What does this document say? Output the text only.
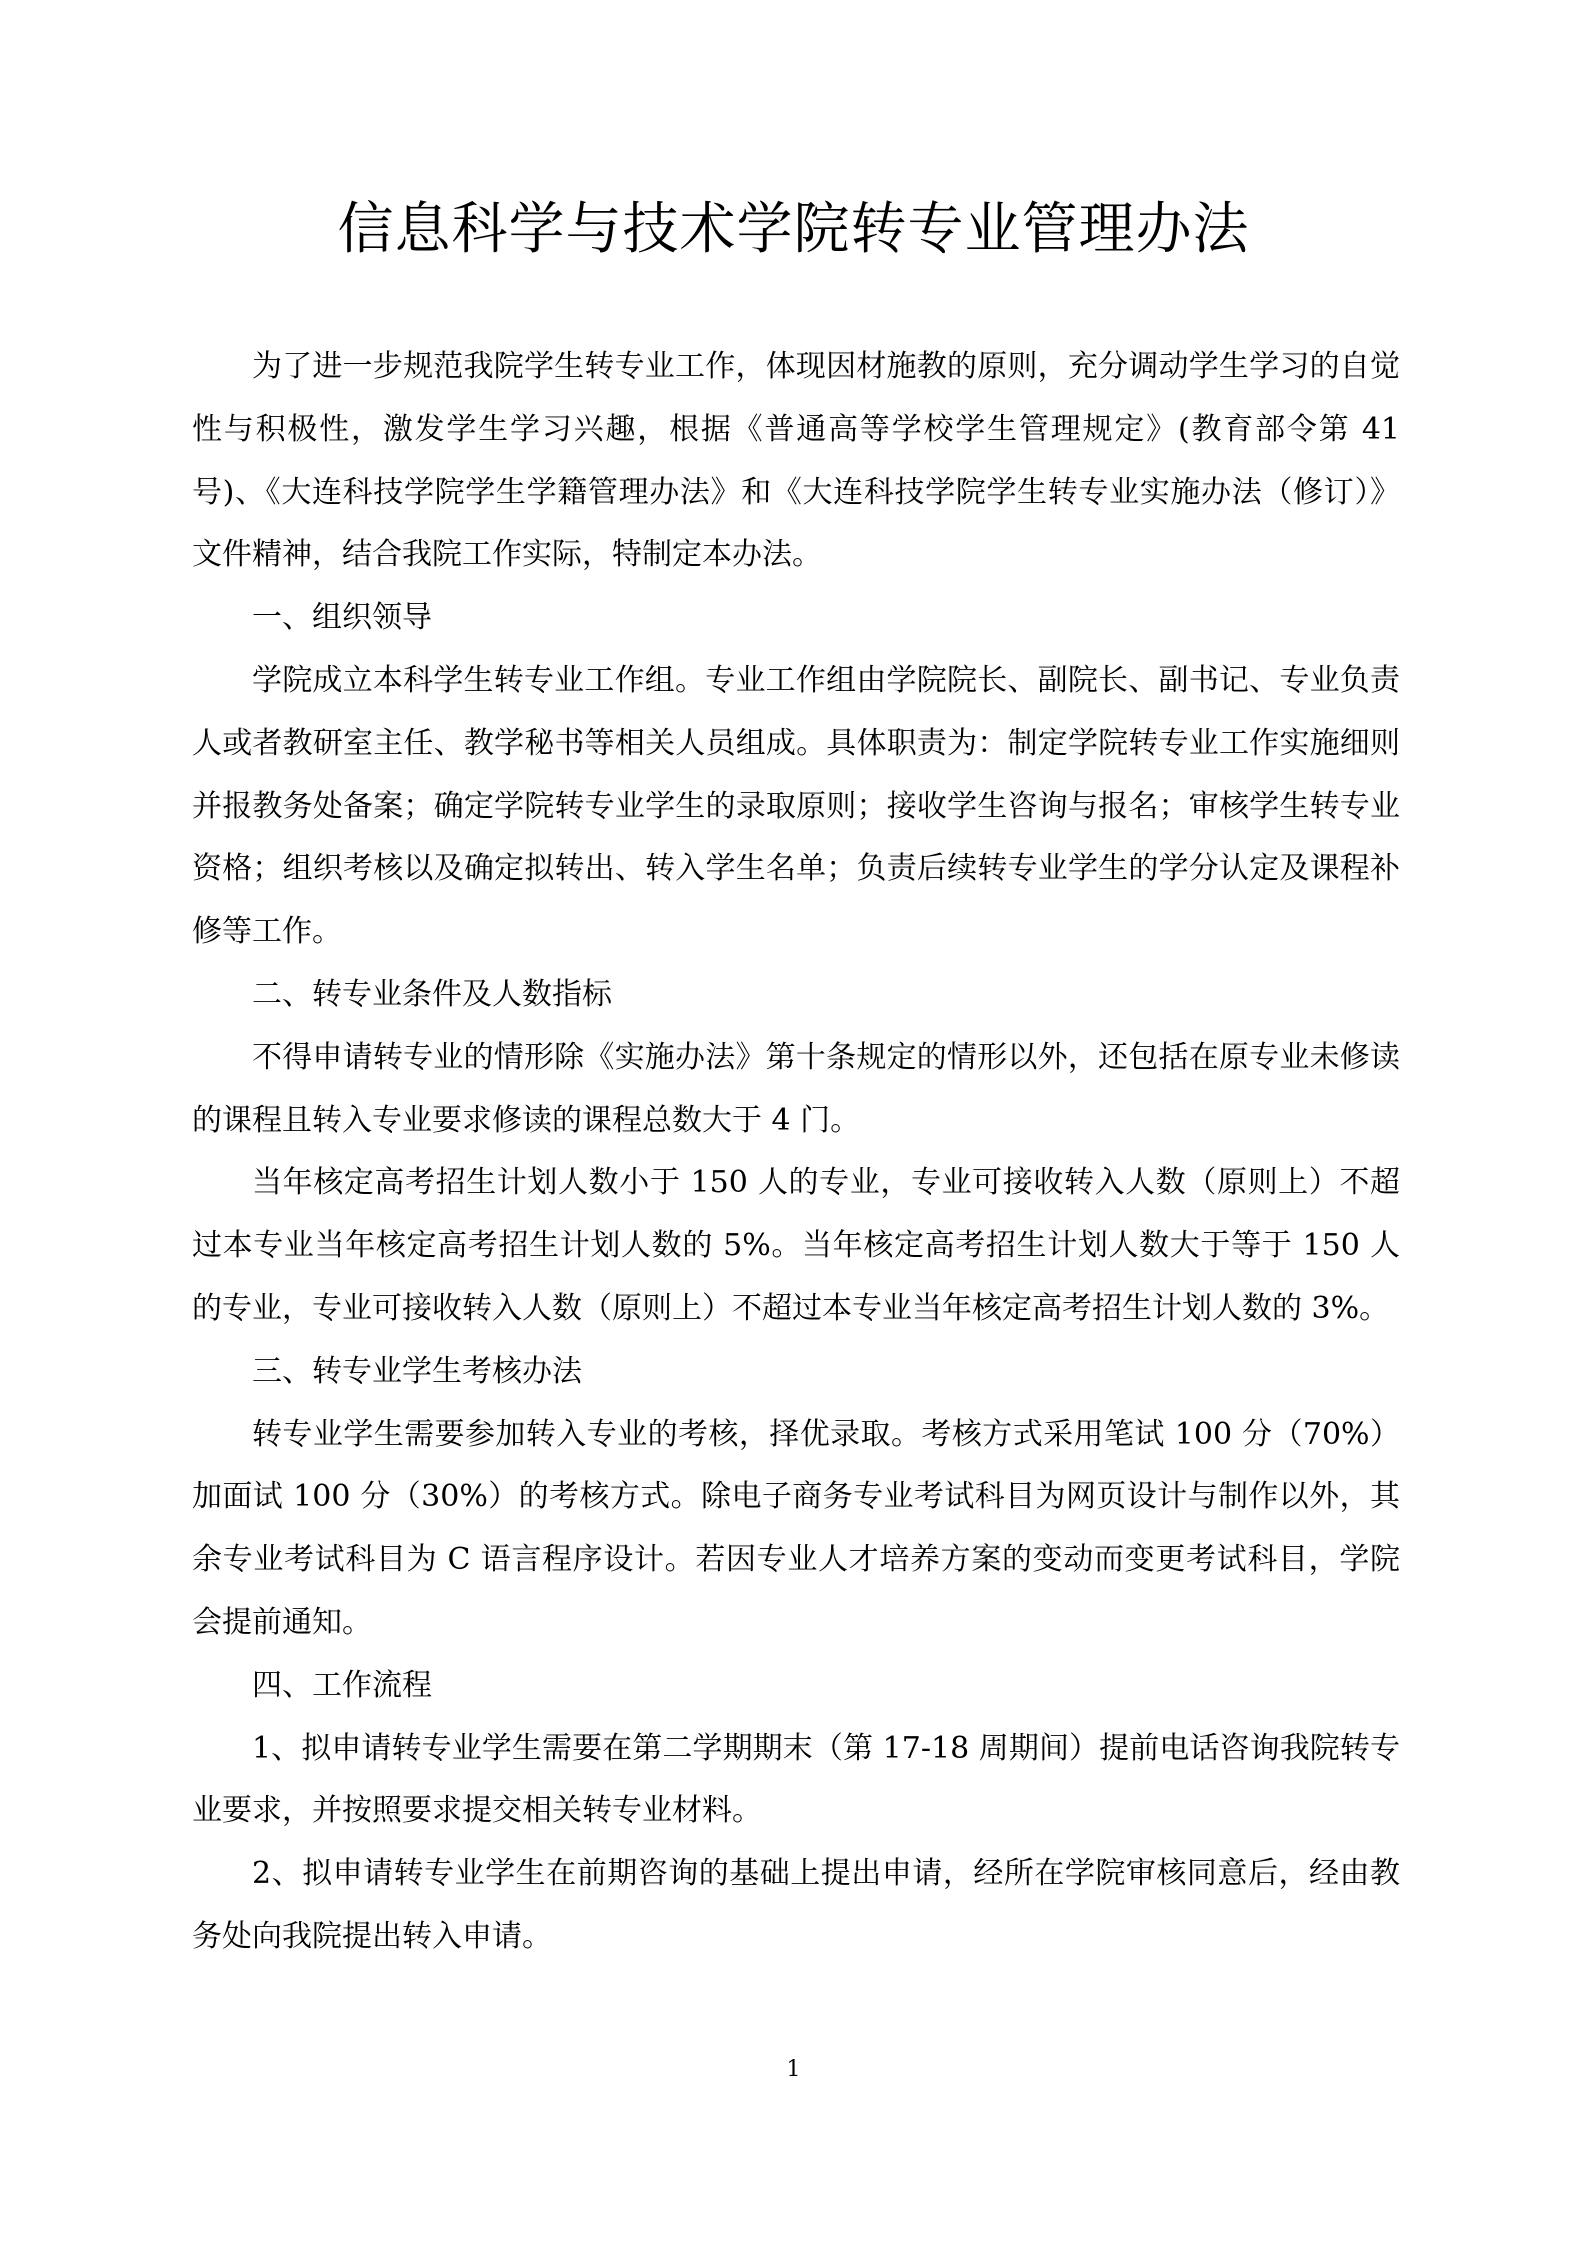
信息科学与技术学院转专业管理办法

为了进一步规范我院学生转专业工作，体现因材施教的原则，充分调动学生学习的自觉性与积极性，激发学生学习兴趣，根据《普通高等学校学生管理规定》(教育部令第 41 号)、《大连科技学院学生学籍管理办法》和《大连科技学院学生转专业实施办法（修订）》文件精神，结合我院工作实际，特制定本办法。

一、组织领导

学院成立本科学生转专业工作组。专业工作组由学院院长、副院长、副书记、专业负责人或者教研室主任、教学秘书等相关人员组成。具体职责为：制定学院转专业工作实施细则并报教务处备案；确定学院转专业学生的录取原则；接收学生咨询与报名；审核学生转专业资格；组织考核以及确定拟转出、转入学生名单；负责后续转专业学生的学分认定及课程补修等工作。

二、转专业条件及人数指标

不得申请转专业的情形除《实施办法》第十条规定的情形以外，还包括在原专业未修读的课程且转入专业要求修读的课程总数大于 4 门。

当年核定高考招生计划人数小于 150 人的专业，专业可接收转入人数（原则上）不超过本专业当年核定高考招生计划人数的 5%。当年核定高考招生计划人数大于等于 150 人的专业，专业可接收转入人数（原则上）不超过本专业当年核定高考招生计划人数的 3%。

三、转专业学生考核办法

转专业学生需要参加转入专业的考核，择优录取。考核方式采用笔试 100 分（70%）加面试 100 分（30%）的考核方式。除电子商务专业考试科目为网页设计与制作以外，其余专业考试科目为 C 语言程序设计。若因专业人才培养方案的变动而变更考试科目，学院会提前通知。

四、工作流程

1、拟申请转专业学生需要在第二学期期末（第 17-18 周期间）提前电话咨询我院转专业要求，并按照要求提交相关转专业材料。

2、拟申请转专业学生在前期咨询的基础上提出申请，经所在学院审核同意后，经由教务处向我院提出转入申请。

1
